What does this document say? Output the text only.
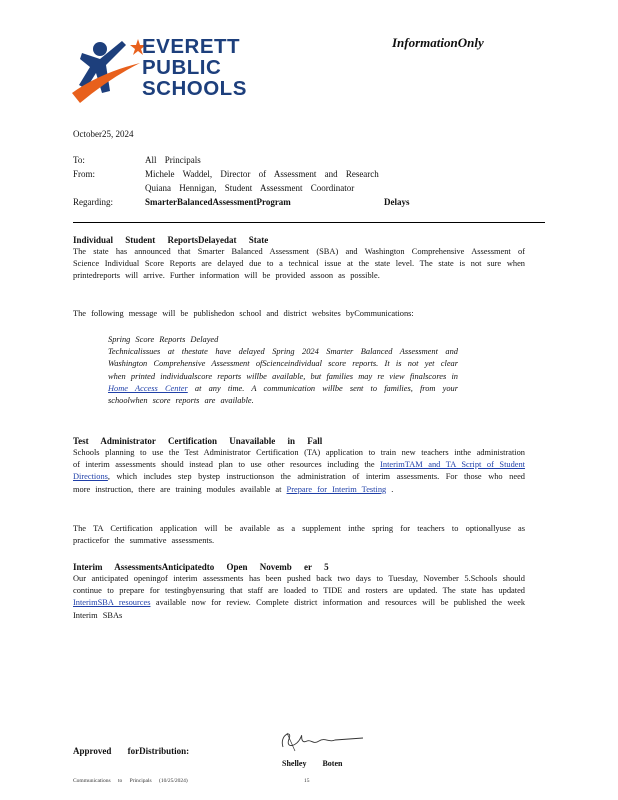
EVERETT
PUBLIC
SCHOOLS
InformationOnly
October25, 2024
To:	All Principals
From:	Michele Waddel, Director of Assessment and Research
Quiana Hennigan, Student Assessment Coordinator
Regarding:	SmarterBalancedAssessmentProgram	Delays
Individual Student ReportsDelayedat State
The state has announced that Smarter Balanced Assessment (SBA) and Washington Comprehensive Assessment of Science Individual Score Reports are delayed due to a technical issue at the state level. The state is not sure when printedreports will arrive. Further information will be provided assoon as possible.
The following message will be publishedon school and district websites byCommunications:
Spring Score Reports Delayed
Technicalissues at thestate have delayed Spring 2024 Smarter Balanced Assessment and Washington Comprehensive Assessment ofScienceindividual score reports. It is not yet clear when printed individualscore reports willbe available, but families may re view finalscores in Home Access Center at any time. A communication willbe sent to families, from your schoolwhen score reports are available.
Test Administrator Certification Unavailable in Fall
Schools planning to use the Test Administrator Certification (TA) application to train new teachers inthe administration of interim assessments should instead plan to use other resources including the InterimTAM and TA Script of Student Directions, which includes step bystep instructionson the administration of interim assessments. For those who need more instruction, there are training modules available at Prepare for Interim Testing .
The TA Certification application will be available as a supplement inthe spring for teachers to optionallyuse as practicefor the summative assessments.
Interim AssessmentsAnticipatedto Open Novemb er 5
Our anticipated openingof interim assessments has been pushed back two days to Tuesday, November 5.Schools should continue to prepare for testingbyensuring that staff are loaded to TIDE and rosters are updated. The state has updated InterimSBA resources available now for review. Complete district information and resources will be published the week Interim SBAs
Approved forDistribution:
Shelley Boten
Communications to Principals (10/25/2024)	15
